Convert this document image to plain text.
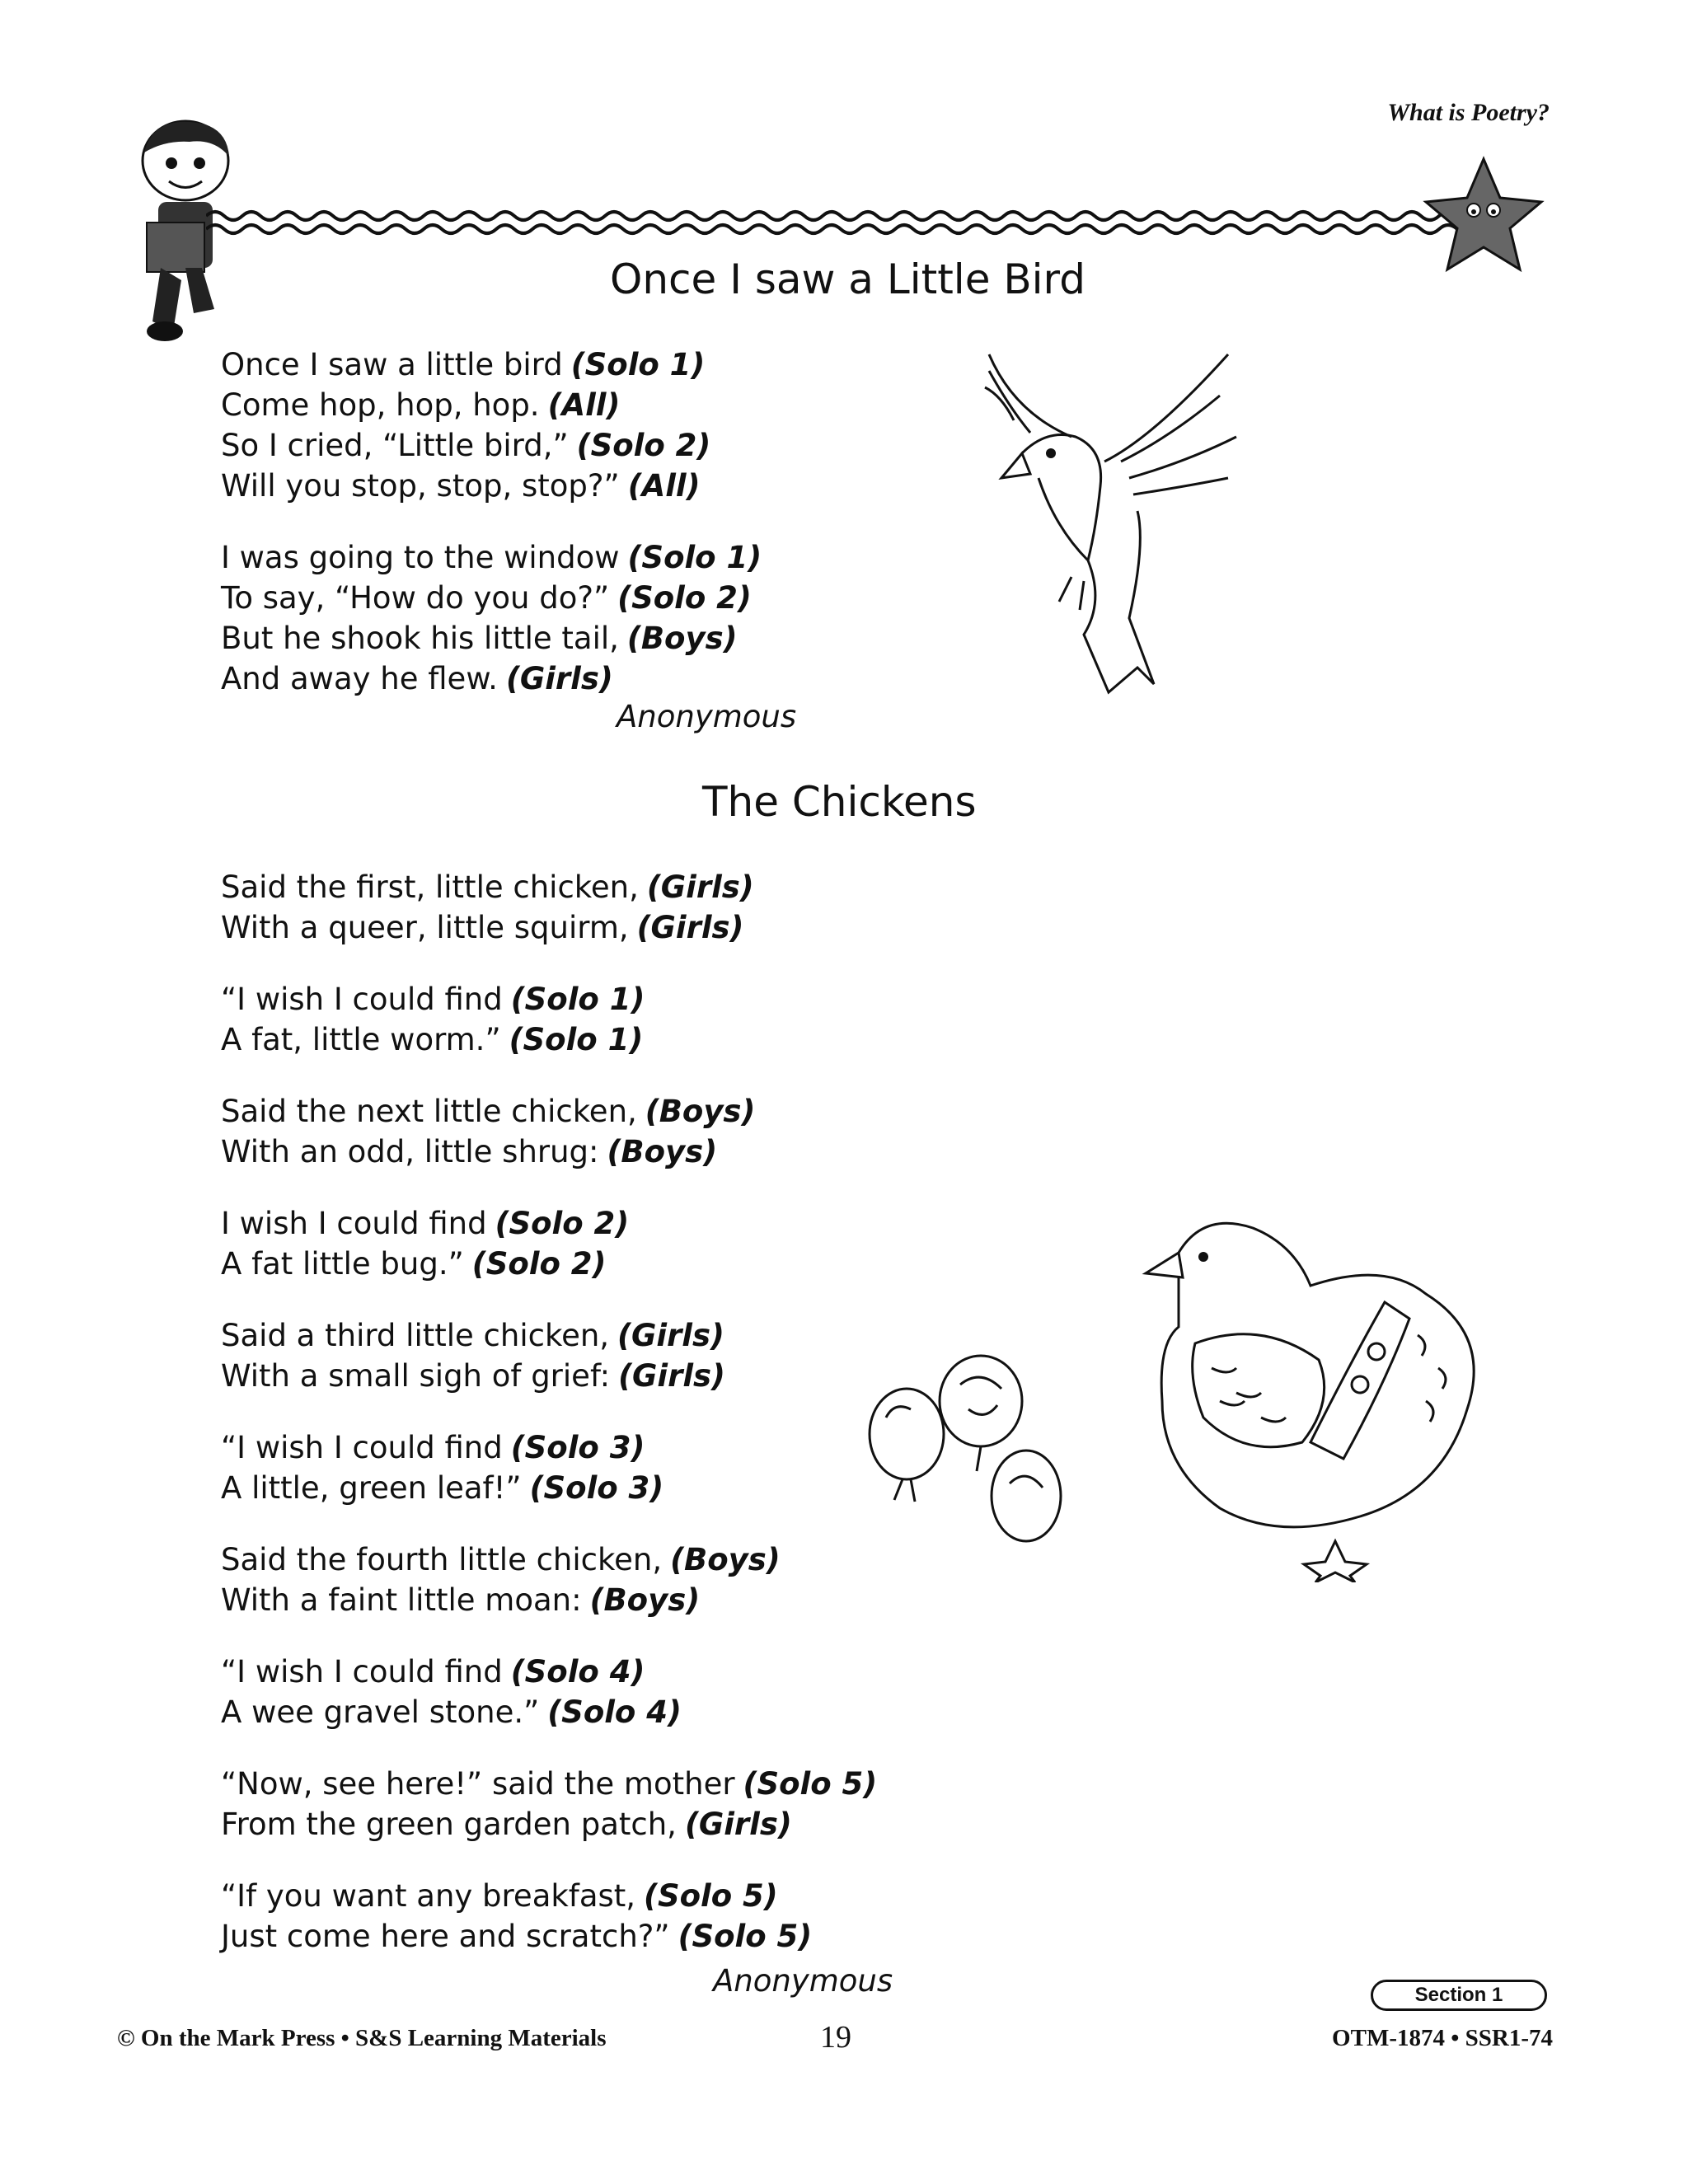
What is Poetry?
Once I saw a Little Bird
Once I saw a little bird (Solo 1)
Come hop, hop, hop. (All)
So I cried, “Little bird,” (Solo 2)
Will you stop, stop, stop?” (All)
I was going to the window (Solo 1)
To say, “How do you do?” (Solo 2)
But he shook his little tail, (Boys)
And away he flew. (Girls)
Anonymous
The Chickens
Said the first, little chicken, (Girls)
With a queer, little squirm, (Girls)
“I wish I could find (Solo 1)
A fat, little worm.” (Solo 1)
Said the next little chicken, (Boys)
With an odd, little shrug: (Boys)
I wish I could find (Solo 2)
A fat little bug.” (Solo 2)
Said a third little chicken, (Girls)
With a small sigh of grief: (Girls)
“I wish I could find (Solo 3)
A little, green leaf!” (Solo 3)
Said the fourth little chicken, (Boys)
With a faint little moan: (Boys)
“I wish I could find (Solo 4)
A wee gravel stone.” (Solo 4)
“Now, see here!” said the mother (Solo 5)
From the green garden patch, (Girls)
“If you want any breakfast, (Solo 5)
Just come here and scratch?” (Solo 5)
Anonymous	Section 1
© On the Mark Press • S&S Learning Materials	19	OTM-1874 • SSR1-74
